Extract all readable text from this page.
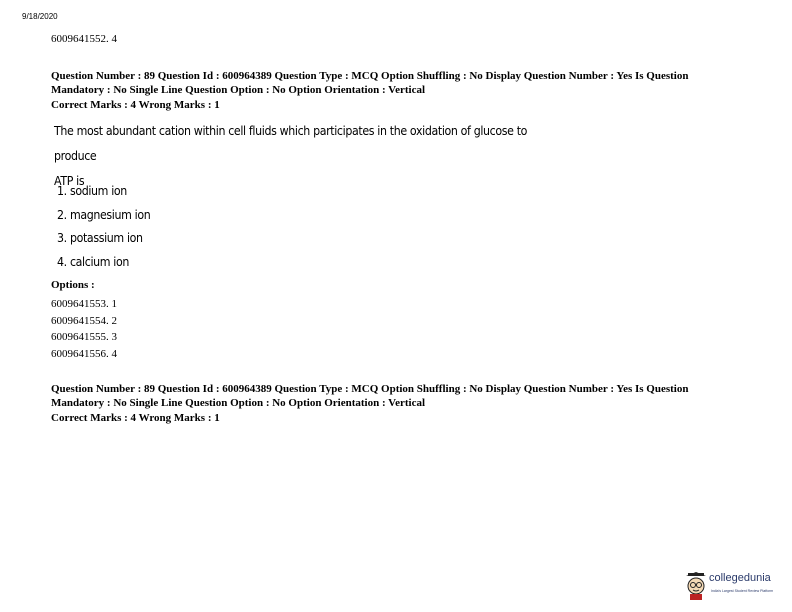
9/18/2020
6009641552. 4
Question Number : 89 Question Id : 600964389 Question Type : MCQ Option Shuffling : No Display Question Number : Yes Is Question
Mandatory : No Single Line Question Option : No Option Orientation : Vertical
Correct Marks : 4 Wrong Marks : 1
The most abundant cation within cell fluids which participates in the oxidation of glucose to produce
ATP is
1. sodium ion
2. magnesium ion
3. potassium ion
4. calcium ion
Options :
6009641553. 1
6009641554. 2
6009641555. 3
6009641556. 4
Question Number : 89 Question Id : 600964389 Question Type : MCQ Option Shuffling : No Display Question Number : Yes Is Question
Mandatory : No Single Line Question Option : No Option Orientation : Vertical
Correct Marks : 4 Wrong Marks : 1
collegedunia
India's Largest Student Review Platform
